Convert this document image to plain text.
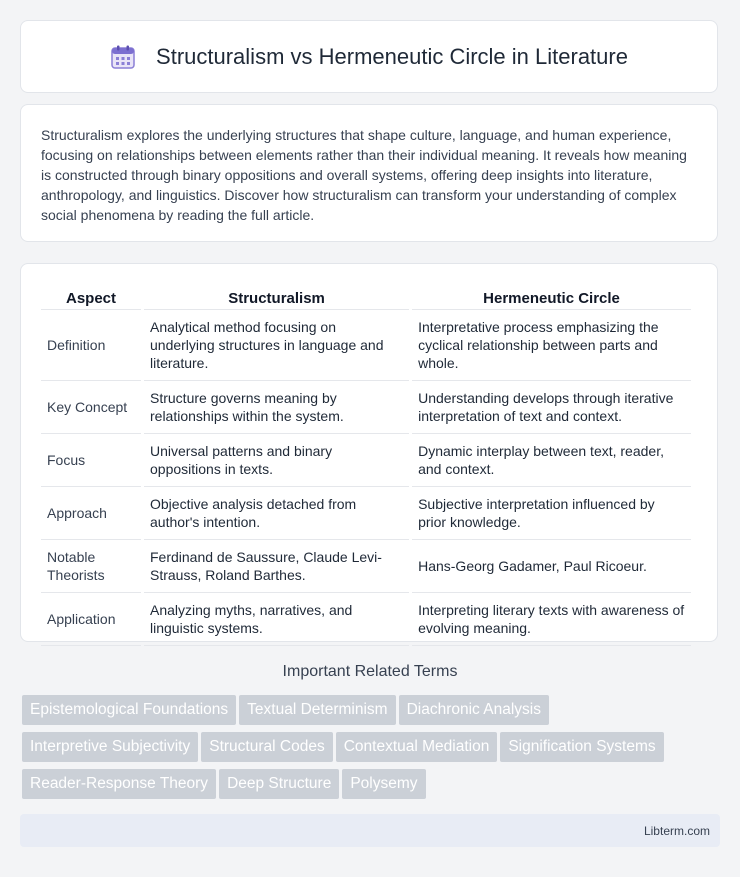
Structuralism vs Hermeneutic Circle in Literature

Structuralism explores the underlying structures that shape culture, language, and human experience, focusing on relationships between elements rather than their individual meaning. It reveals how meaning is constructed through binary oppositions and overall systems, offering deep insights into literature, anthropology, and linguistics. Discover how structuralism can transform your understanding of complex social phenomena by reading the full article.

Aspect	Structuralism	Hermeneutic Circle
Definition	Analytical method focusing on underlying structures in language and literature.	Interpretative process emphasizing the cyclical relationship between parts and whole.
Key Concept	Structure governs meaning by relationships within the system.	Understanding develops through iterative interpretation of text and context.
Focus	Universal patterns and binary oppositions in texts.	Dynamic interplay between text, reader, and context.
Approach	Objective analysis detached from author's intention.	Subjective interpretation influenced by prior knowledge.
Notable Theorists	Ferdinand de Saussure, Claude Levi-Strauss, Roland Barthes.	Hans-Georg Gadamer, Paul Ricoeur.
Application	Analyzing myths, narratives, and linguistic systems.	Interpreting literary texts with awareness of evolving meaning.
Important Related Terms
Epistemological Foundations Textual Determinism Diachronic Analysis
Interpretive Subjectivity Structural Codes Contextual Mediation Signification Systems
Reader-Response Theory Deep Structure Polysemy
Libterm.com
